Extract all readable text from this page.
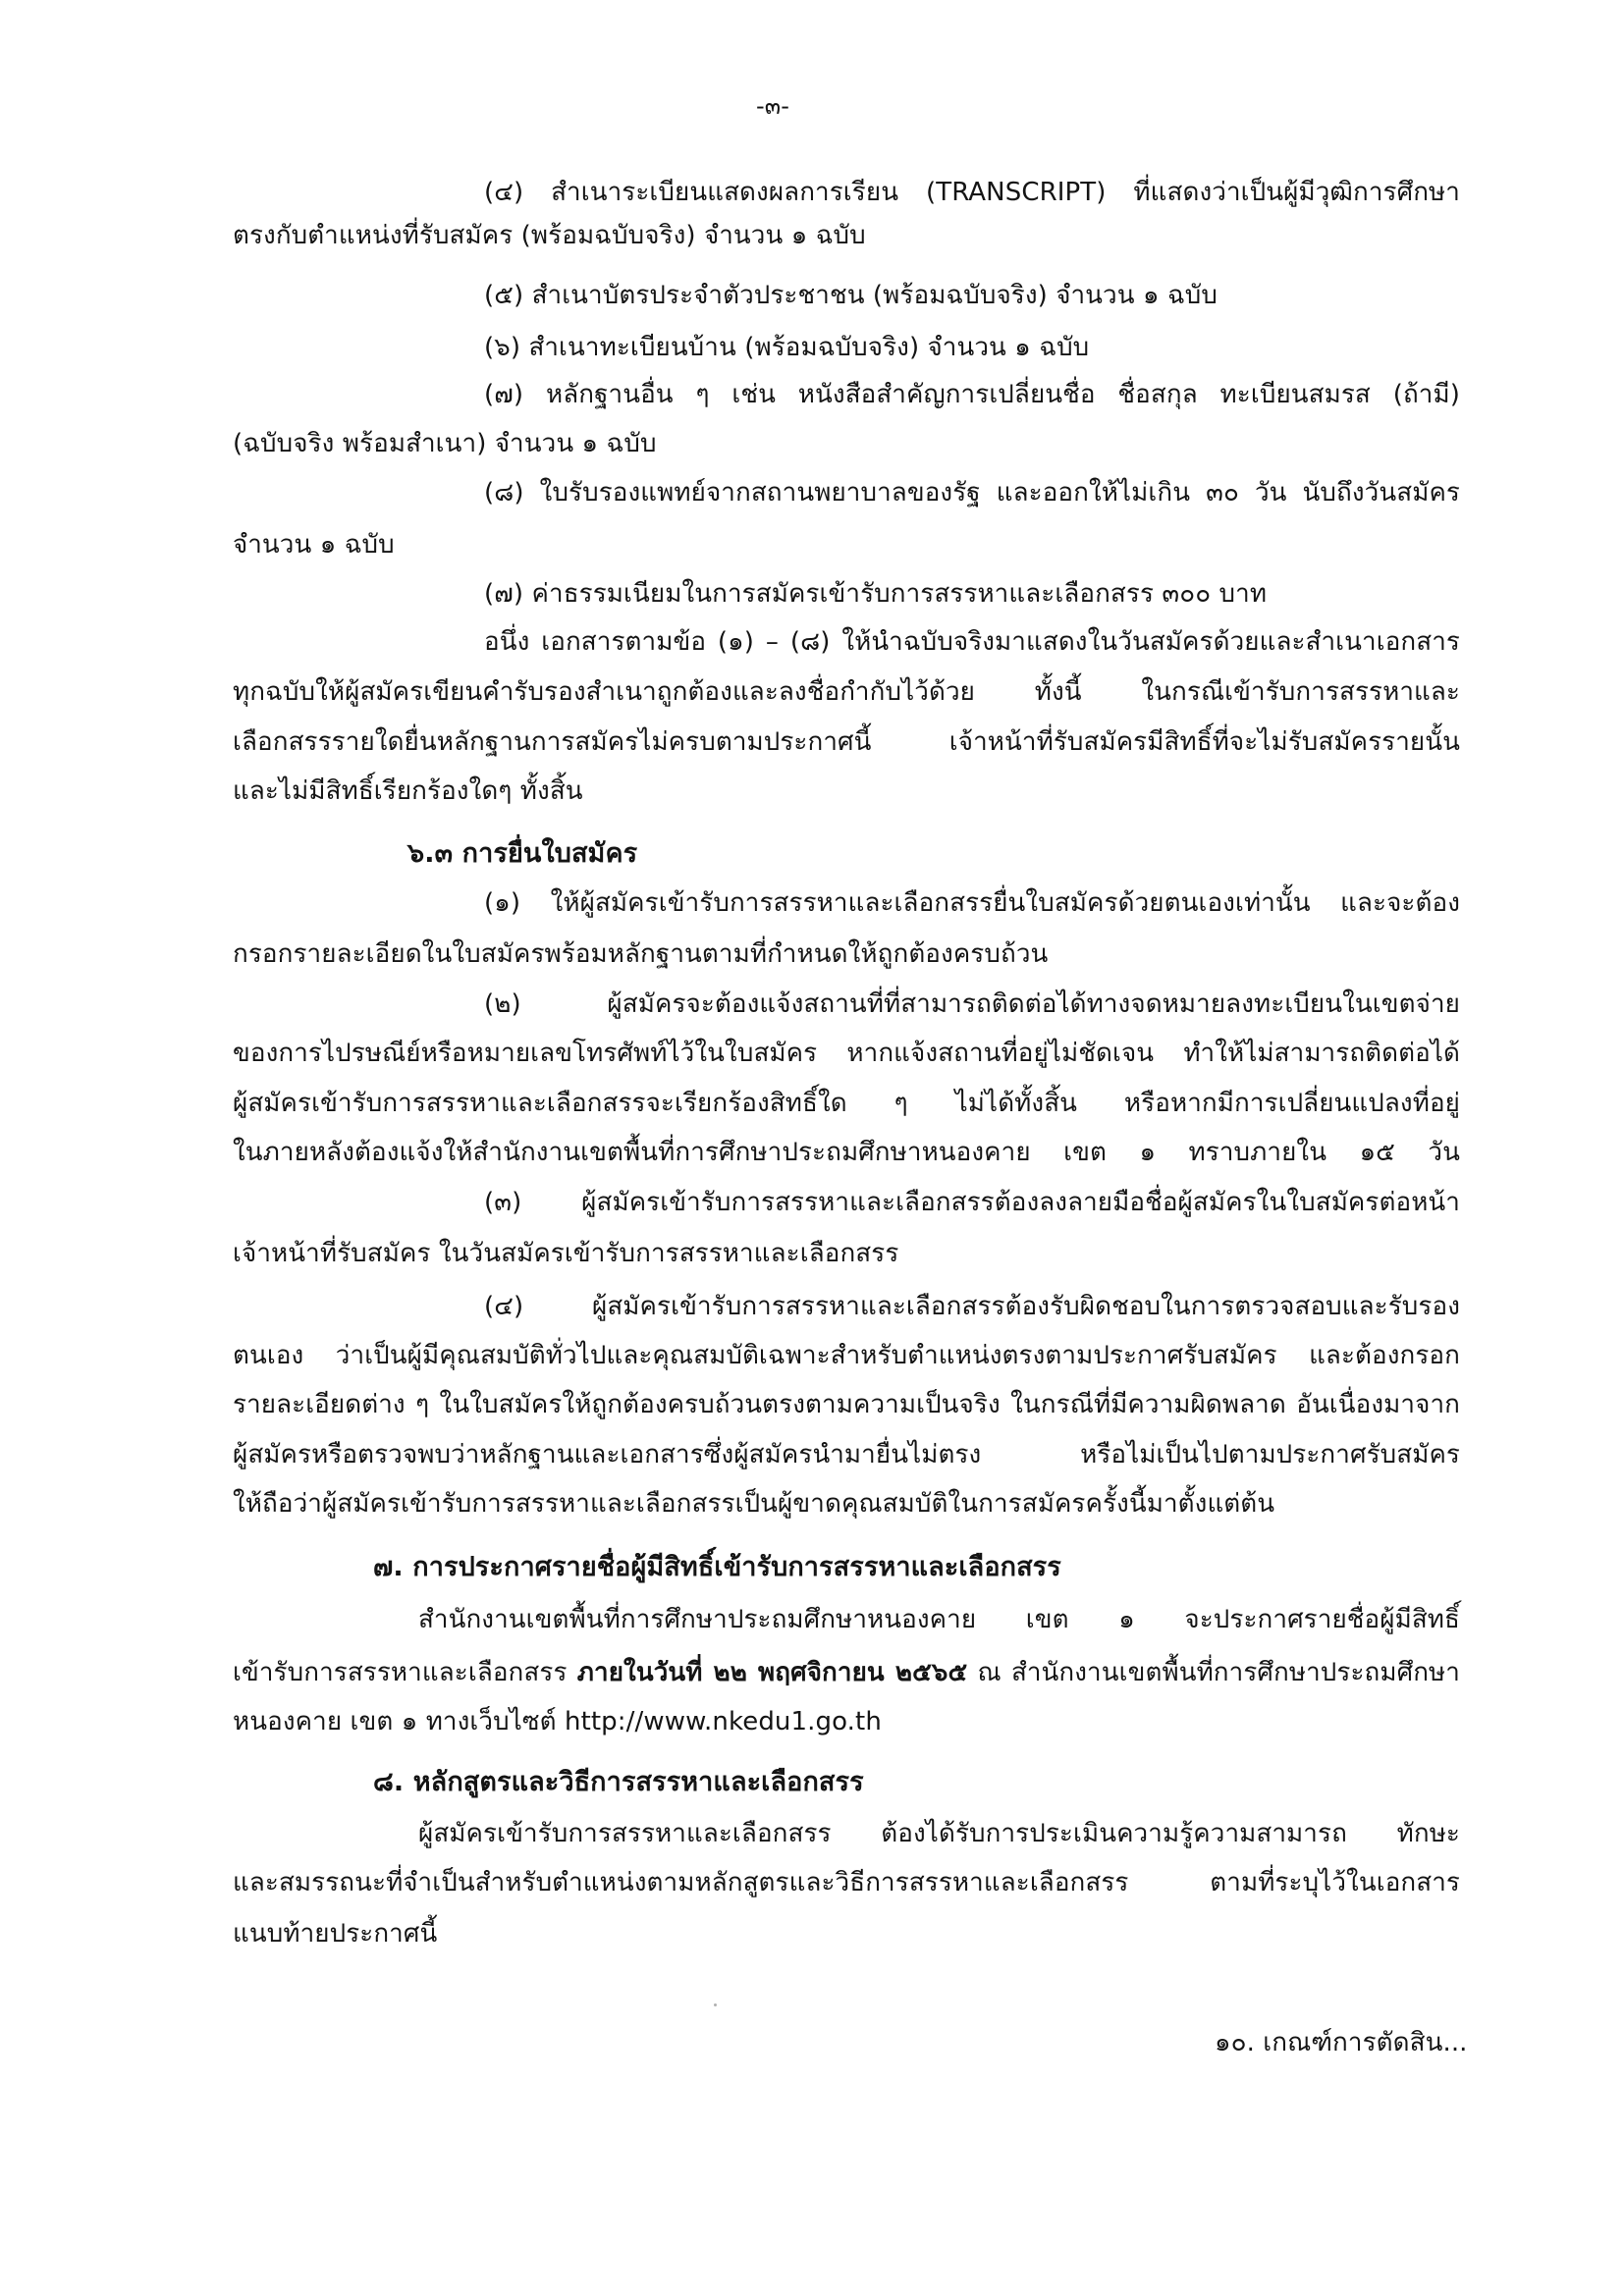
-๓-
(๔) สำเนาระเบียนแสดงผลการเรียน (TRANSCRIPT) ที่แสดงว่าเป็นผู้มีวุฒิการศึกษา
ตรงกับตำแหน่งที่รับสมัคร (พร้อมฉบับจริง) จำนวน ๑ ฉบับ
(๕) สำเนาบัตรประจำตัวประชาชน (พร้อมฉบับจริง) จำนวน ๑ ฉบับ
(๖) สำเนาทะเบียนบ้าน (พร้อมฉบับจริง) จำนวน ๑ ฉบับ
(๗) หลักฐานอื่น ๆ เช่น หนังสือสำคัญการเปลี่ยนชื่อ ชื่อสกุล ทะเบียนสมรส (ถ้ามี)
(ฉบับจริง พร้อมสำเนา) จำนวน ๑ ฉบับ
(๘) ใบรับรองแพทย์จากสถานพยาบาลของรัฐ และออกให้ไม่เกิน ๓๐ วัน นับถึงวันสมัคร
จำนวน ๑ ฉบับ
(๗) ค่าธรรมเนียมในการสมัครเข้ารับการสรรหาและเลือกสรร ๓๐๐ บาท
อนึ่ง เอกสารตามข้อ (๑) – (๘) ให้นำฉบับจริงมาแสดงในวันสมัครด้วยและสำเนาเอกสาร
ทุกฉบับให้ผู้สมัครเขียนคำรับรองสำเนาถูกต้องและลงชื่อกำกับไว้ด้วย ทั้งนี้ ในกรณีเข้ารับการสรรหาและ
เลือกสรรรายใดยื่นหลักฐานการสมัครไม่ครบตามประกาศนี้ เจ้าหน้าที่รับสมัครมีสิทธิ์ที่จะไม่รับสมัครรายนั้น
และไม่มีสิทธิ์เรียกร้องใดๆ ทั้งสิ้น
๖.๓ การยื่นใบสมัคร
(๑) ให้ผู้สมัครเข้ารับการสรรหาและเลือกสรรยื่นใบสมัครด้วยตนเองเท่านั้น และจะต้อง
กรอกรายละเอียดในใบสมัครพร้อมหลักฐานตามที่กำหนดให้ถูกต้องครบถ้วน
(๒) ผู้สมัครจะต้องแจ้งสถานที่ที่สามารถติดต่อได้ทางจดหมายลงทะเบียนในเขตจ่าย
ของการไปรษณีย์หรือหมายเลขโทรศัพท์ไว้ในใบสมัคร หากแจ้งสถานที่อยู่ไม่ชัดเจน ทำให้ไม่สามารถติดต่อได้
ผู้สมัครเข้ารับการสรรหาและเลือกสรรจะเรียกร้องสิทธิ์ใด ๆ ไม่ได้ทั้งสิ้น หรือหากมีการเปลี่ยนแปลงที่อยู่
ในภายหลังต้องแจ้งให้สำนักงานเขตพื้นที่การศึกษาประถมศึกษาหนองคาย เขต ๑ ทราบภายใน ๑๕ วัน
(๓) ผู้สมัครเข้ารับการสรรหาและเลือกสรรต้องลงลายมือชื่อผู้สมัครในใบสมัครต่อหน้า
เจ้าหน้าที่รับสมัคร ในวันสมัครเข้ารับการสรรหาและเลือกสรร
(๔) ผู้สมัครเข้ารับการสรรหาและเลือกสรรต้องรับผิดชอบในการตรวจสอบและรับรอง
ตนเอง ว่าเป็นผู้มีคุณสมบัติทั่วไปและคุณสมบัติเฉพาะสำหรับตำแหน่งตรงตามประกาศรับสมัคร และต้องกรอก
รายละเอียดต่าง ๆ ในใบสมัครให้ถูกต้องครบถ้วนตรงตามความเป็นจริง ในกรณีที่มีความผิดพลาด อันเนื่องมาจาก
ผู้สมัครหรือตรวจพบว่าหลักฐานและเอกสารซึ่งผู้สมัครนำมายื่นไม่ตรง หรือไม่เป็นไปตามประกาศรับสมัคร
ให้ถือว่าผู้สมัครเข้ารับการสรรหาและเลือกสรรเป็นผู้ขาดคุณสมบัติในการสมัครครั้งนี้มาตั้งแต่ต้น
๗. การประกาศรายชื่อผู้มีสิทธิ์เข้ารับการสรรหาและเลือกสรร
สำนักงานเขตพื้นที่การศึกษาประถมศึกษาหนองคาย เขต ๑ จะประกาศรายชื่อผู้มีสิทธิ์
เข้ารับการสรรหาและเลือกสรร ภายในวันที่ ๒๒ พฤศจิกายน ๒๕๖๕ ณ สำนักงานเขตพื้นที่การศึกษาประถมศึกษา
หนองคาย เขต ๑ ทางเว็บไซต์ http://www.nkedu1.go.th
๘. หลักสูตรและวิธีการสรรหาและเลือกสรร
ผู้สมัครเข้ารับการสรรหาและเลือกสรร ต้องได้รับการประเมินความรู้ความสามารถ ทักษะ
และสมรรถนะที่จำเป็นสำหรับตำแหน่งตามหลักสูตรและวิธีการสรรหาและเลือกสรร ตามที่ระบุไว้ในเอกสาร
แนบท้ายประกาศนี้
๑๐. เกณฑ์การตัดสิน...
